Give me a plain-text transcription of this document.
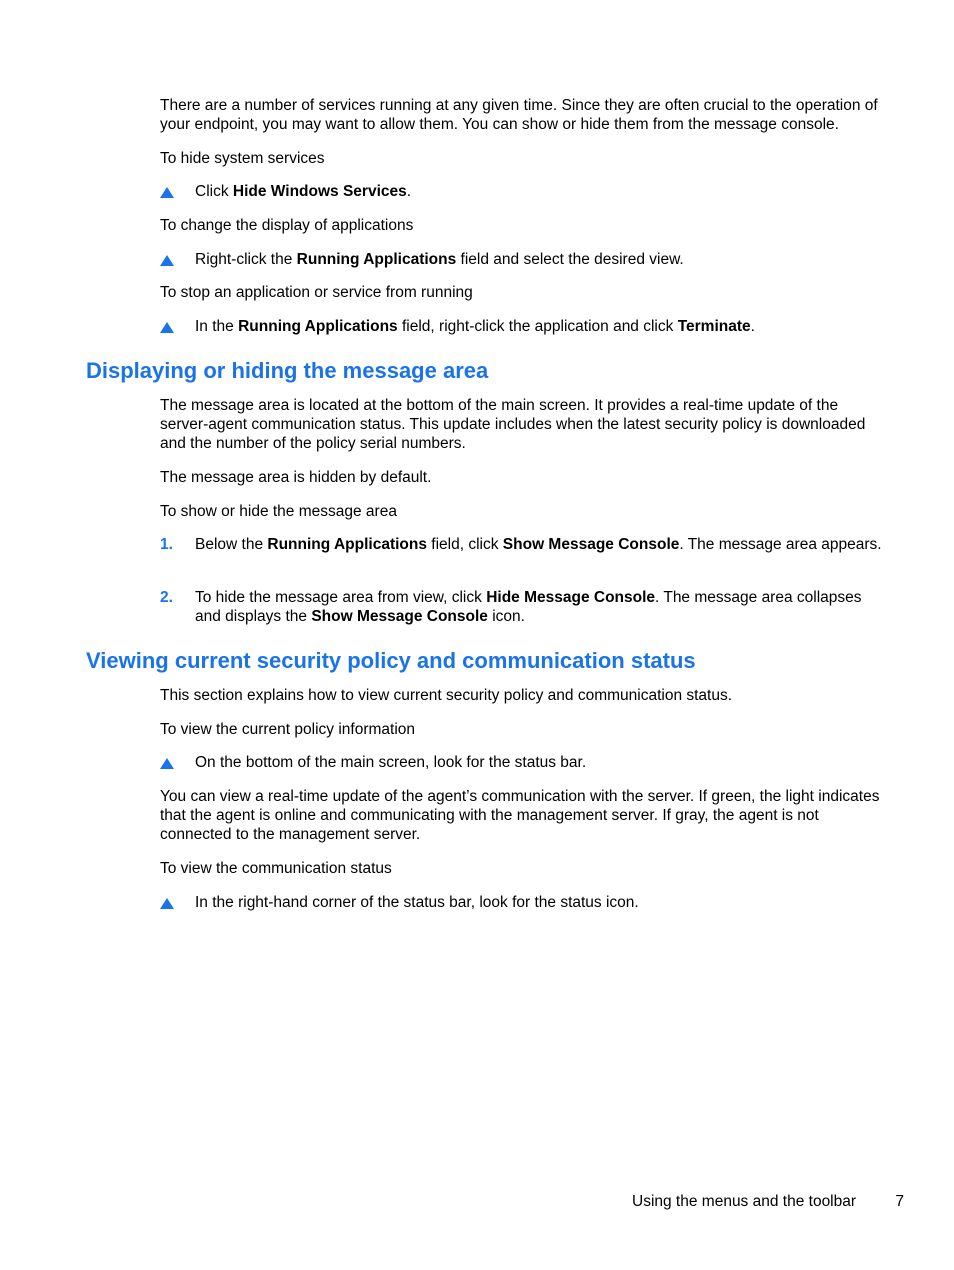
There are a number of services running at any given time. Since they are often crucial to the operation of your endpoint, you may want to allow them. You can show or hide them from the message console.

To hide system services

Click Hide Windows Services.

To change the display of applications

Right-click the Running Applications field and select the desired view.

To stop an application or service from running

In the Running Applications field, right-click the application and click Terminate.
Displaying or hiding the message area

The message area is located at the bottom of the main screen. It provides a real-time update of the server-agent communication status. This update includes when the latest security policy is downloaded and the number of the policy serial numbers.

The message area is hidden by default.

To show or hide the message area

1.	Below the Running Applications field, click Show Message Console. The message area appears.
2.	To hide the message area from view, click Hide Message Console. The message area collapses and displays the Show Message Console icon.
Viewing current security policy and communication status

This section explains how to view current security policy and communication status.

To view the current policy information

On the bottom of the main screen, look for the status bar.

You can view a real-time update of the agent’s communication with the server. If green, the light indicates that the agent is online and communicating with the management server. If gray, the agent is not connected to the management server.

To view the communication status

In the right-hand corner of the status bar, look for the status icon.
Using the menus and the toolbar	7
